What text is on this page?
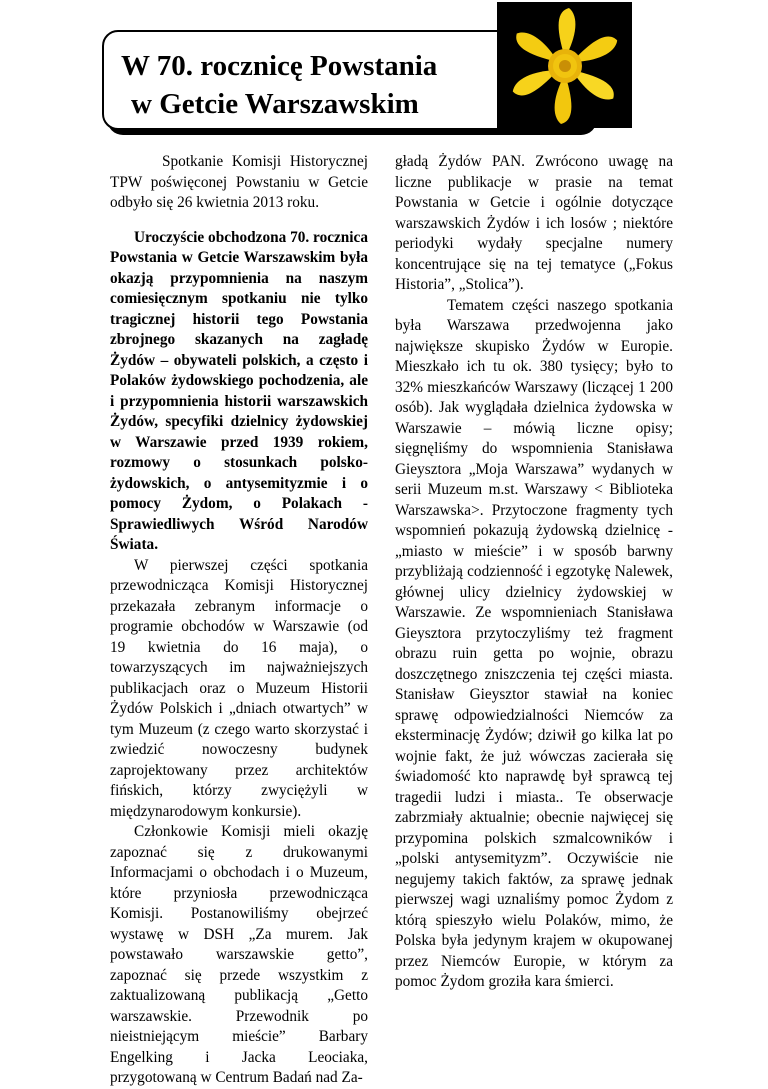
W 70. rocznicę Powstania
w Getcie Warszawskim

Spotkanie Komisji Historycznej TPW poświęconej Powstaniu w Getcie odbyło się 26 kwietnia 2013 roku.

Uroczyście obchodzona 70. rocznica Powstania w Getcie Warszawskim była okazją przypomnienia na naszym comiesięcznym spotkaniu nie tylko tragicznej historii tego Powstania zbrojnego skazanych na zagładę Żydów – obywateli polskich, a często i Polaków żydowskiego pochodzenia, ale i przypomnienia historii warszawskich Żydów, specyfiki dzielnicy żydowskiej w Warszawie przed 1939 rokiem, rozmowy o stosunkach polsko-żydowskich, o antysemityzmie i o pomocy Żydom, o Polakach - Sprawiedliwych Wśród Narodów Świata.

W pierwszej części spotkania przewodnicząca Komisji Historycznej przekazała zebranym informacje o programie obchodów w Warszawie (od 19 kwietnia do 16 maja), o towarzyszących im najważniejszych publikacjach oraz o Muzeum Historii Żydów Polskich i „dniach otwartych” w tym Muzeum (z czego warto skorzystać i zwiedzić nowoczesny budynek zaprojektowany przez architektów fińskich, którzy zwyciężyli w międzynarodowym konkursie).

Członkowie Komisji mieli okazję zapoznać się z drukowanymi Informacjami o obchodach i o Muzeum, które przyniosła przewodnicząca Komisji. Postanowiliśmy obejrzeć wystawę w DSH „Za murem. Jak powstawało warszawskie getto”, zapoznać się przede wszystkim z zaktualizowaną publikacją „Getto warszawskie. Przewodnik po nieistniejącym mieście” Barbary Engelking i Jacka Leociaka, przygotowaną w Centrum Badań nad Za-

gładą Żydów PAN. Zwrócono uwagę na liczne publikacje w prasie na temat Powstania w Getcie i ogólnie dotyczące warszawskich Żydów i ich losów ; niektóre periodyki wydały specjalne numery koncentrujące się na tej tematyce („Fokus Historia”, „Stolica”).

Tematem części naszego spotkania była Warszawa przedwojenna jako największe skupisko Żydów w Europie. Mieszkało ich tu ok. 380 tysięcy; było to 32% mieszkańców Warszawy (liczącej 1 200 osób). Jak wyglądała dzielnica żydowska w Warszawie – mówią liczne opisy; sięgnęliśmy do wspomnienia Stanisława Gieysztora „Moja Warszawa” wydanych w serii Muzeum m.st. Warszawy < Biblioteka Warszawska>. Przytoczone fragmenty tych wspomnień pokazują żydowską dzielnicę - „miasto w mieście” i w sposób barwny przybliżają codzienność i egzotykę Nalewek, głównej ulicy dzielnicy żydowskiej w Warszawie. Ze wspomnieniach Stanisława Gieysztora przytoczyliśmy też fragment obrazu ruin getta po wojnie, obrazu doszczętnego zniszczenia tej części miasta. Stanisław Gieysztor stawiał na koniec sprawę odpowiedzialności Niemców za eksterminację Żydów; dziwił go kilka lat po wojnie fakt, że już wówczas zacierała się świadomość kto naprawdę był sprawcą tej tragedii ludzi i miasta.. Te obserwacje zabrzmiały aktualnie; obecnie najwięcej się przypomina polskich szmalcowników i „polski antysemityzm”. Oczywiście nie negujemy takich faktów, za sprawę jednak pierwszej wagi uznaliśmy pomoc Żydom z którą spieszyło wielu Polaków, mimo, że Polska była jedynym krajem w okupowanej przez Niemców Europie, w którym za pomoc Żydom groziła kara śmierci.
